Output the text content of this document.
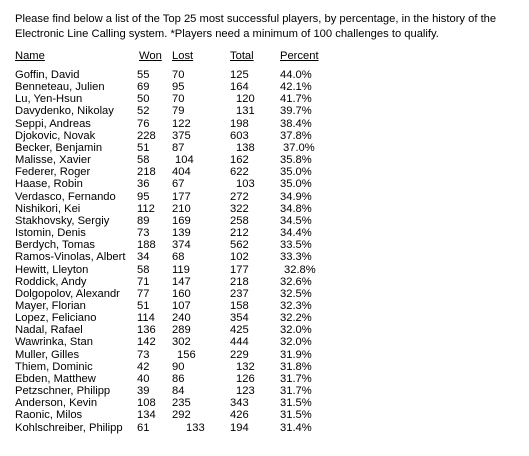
Please find below a list of the Top 25 most successful players, by percentage, in the history of the Electronic Line Calling system. *Players need a minimum of 100 challenges to qualify.

Name	Won	Lost	Total	Percent

Goffin, David	55	70	125	44.0%
Benneteau, Julien	69	95	164	42.1%
Lu, Yen-Hsun	50	70	120	41.7%
Davydenko, Nikolay	52	79	131	39.7%
Seppi, Andreas	76	122	198	38.4%
Djokovic, Novak	228	375	603	37.8%
Becker, Benjamin	51	87	138	37.0%
Malisse, Xavier	58	104	162	35.8%
Federer, Roger	218	404	622	35.0%
Haase, Robin	36	67	103	35.0%
Verdasco, Fernando	95	177	272	34.9%
Nishikori, Kei	112	210	322	34.8%
Stakhovsky, Sergiy	89	169	258	34.5%
Istomin, Denis	73	139	212	34.4%
Berdych, Tomas	188	374	562	33.5%
Ramos-Vinolas, Albert	34	68	102	33.3%
Hewitt, Lleyton	58	119	177	32.8%
Roddick, Andy	71	147	218	32.6%
Dolgopolov, Alexandr	77	160	237	32.5%
Mayer, Florian	51	107	158	32.3%
Lopez, Feliciano	114	240	354	32.2%
Nadal, Rafael	136	289	425	32.0%
Wawrinka, Stan	142	302	444	32.0%
Muller, Gilles	73	156	229	31.9%
Thiem, Dominic	42	90	132	31.8%
Ebden, Matthew	40	86	126	31.7%
Petzschner, Philipp	39	84	123	31.7%
Anderson, Kevin	108	235	343	31.5%
Raonic, Milos	134	292	426	31.5%
Kohlschreiber, Philipp	61	133	194	31.4%
